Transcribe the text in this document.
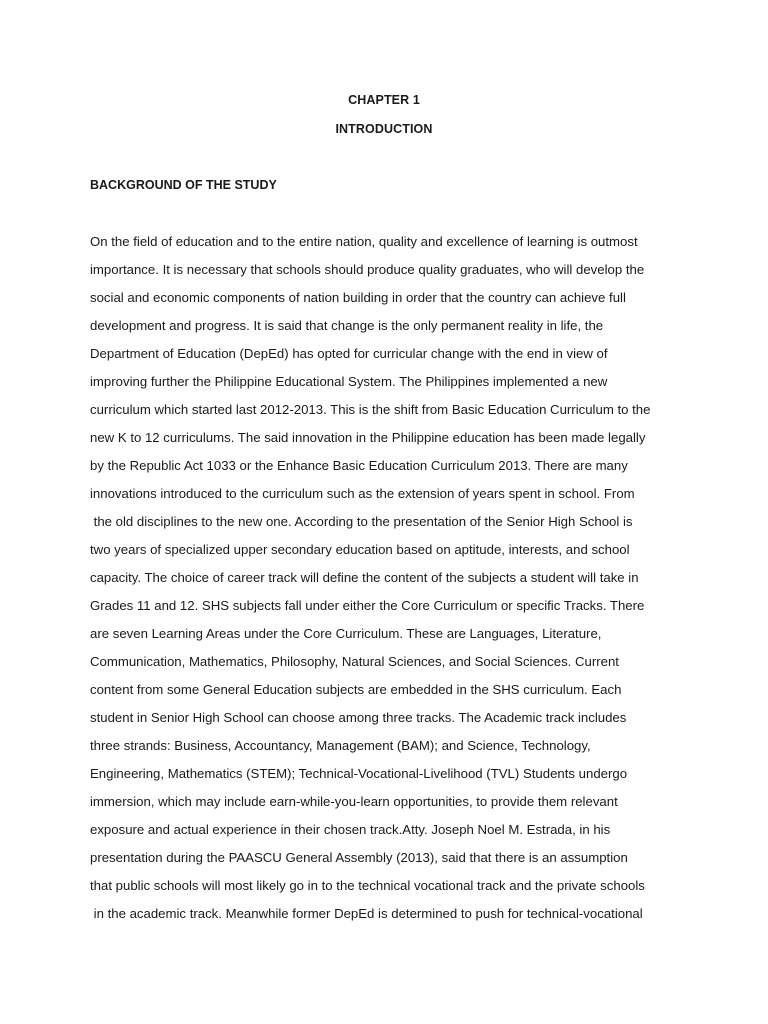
CHAPTER 1
INTRODUCTION
BACKGROUND OF THE STUDY
On the field of education and to the entire nation, quality and excellence of learning is outmost
importance. It is necessary that schools should produce quality graduates, who will develop the
social and economic components of nation building in order that the country can achieve full
development and progress. It is said that change is the only permanent reality in life, the
Department of Education (DepEd) has opted for curricular change with the end in view of
improving further the Philippine Educational System. The Philippines implemented a new
curriculum which started last 2012-2013. This is the shift from Basic Education Curriculum to the
new K to 12 curriculums. The said innovation in the Philippine education has been made legally
by the Republic Act 1033 or the Enhance Basic Education Curriculum 2013. There are many
innovations introduced to the curriculum such as the extension of years spent in school. From
the old disciplines to the new one. According to the presentation of the Senior High School is
two years of specialized upper secondary education based on aptitude, interests, and school
capacity. The choice of career track will define the content of the subjects a student will take in
Grades 11 and 12. SHS subjects fall under either the Core Curriculum or specific Tracks. There
are seven Learning Areas under the Core Curriculum. These are Languages, Literature,
Communication, Mathematics, Philosophy, Natural Sciences, and Social Sciences. Current
content from some General Education subjects are embedded in the SHS curriculum. Each
student in Senior High School can choose among three tracks. The Academic track includes
three strands: Business, Accountancy, Management (BAM); and Science, Technology,
Engineering, Mathematics (STEM); Technical-Vocational-Livelihood (TVL) Students undergo
immersion, which may include earn-while-you-learn opportunities, to provide them relevant
exposure and actual experience in their chosen track.Atty. Joseph Noel M. Estrada, in his
presentation during the PAASCU General Assembly (2013), said that there is an assumption
that public schools will most likely go in to the technical vocational track and the private schools
in the academic track. Meanwhile former DepEd is determined to push for technical-vocational
